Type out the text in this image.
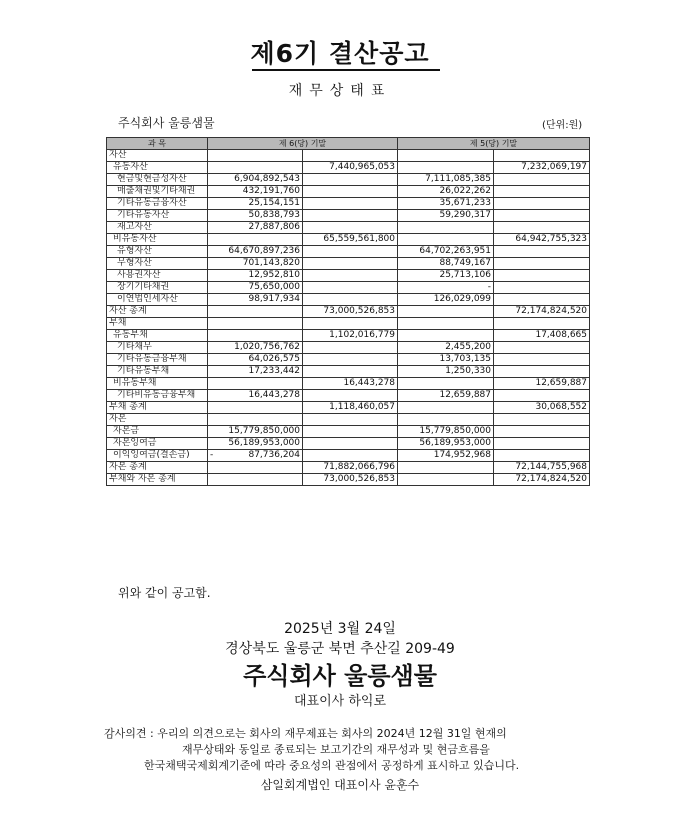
제6기 결산공고
재무상태표
주식회사 울릉샘물	(단위:원)
과 목	제 6(당) 기말		제 5(당) 기말	
자산				
유동자산		7,440,965,053		7,232,069,197
현금및현금성자산	6,904,892,543		7,111,085,385	
매출채권및기타채권	432,191,760		26,022,262	
기타유동금융자산	25,154,151		35,671,233	
기타유동자산	50,838,793		59,290,317	
재고자산	27,887,806			
비유동자산		65,559,561,800		64,942,755,323
유형자산	64,670,897,236		64,702,263,951	
무형자산	701,143,820		88,749,167	
사용권자산	12,952,810		25,713,106	
장기기타채권	75,650,000		-	
이연법인세자산	98,917,934		126,029,099	
자산 총계		73,000,526,853		72,174,824,520
부채				
유동부채		1,102,016,779		17,408,665
기타채무	1,020,756,762		2,455,200	
기타유동금융부채	64,026,575		13,703,135	
기타유동부채	17,233,442		1,250,330	
비유동부채		16,443,278		12,659,887
기타비유동금융부채	16,443,278		12,659,887	
부채 총계		1,118,460,057		30,068,552
자본				
자본금	15,779,850,000		15,779,850,000	
자본잉여금	56,189,953,000		56,189,953,000	
이익잉여금(결손금)	- 87,736,204		174,952,968	
자본 총계		71,882,066,796		72,144,755,968
부채와 자본 총계		73,000,526,853		72,174,824,520
위와 같이 공고함.
2025년 3월 24일
경상북도 울릉군 북면 추산길 209-49
주식회사 울릉샘물
대표이사 하익로
감사의견 : 우리의 의견으로는 회사의 재무제표는 회사의 2024년 12월 31일 현재의
재무상태와 동일로 종료되는 보고기간의 재무성과 및 현금흐름을
한국채택국제회계기준에 따라 중요성의 관점에서 공정하게 표시하고 있습니다.
삼일회계법인 대표이사 윤훈수
